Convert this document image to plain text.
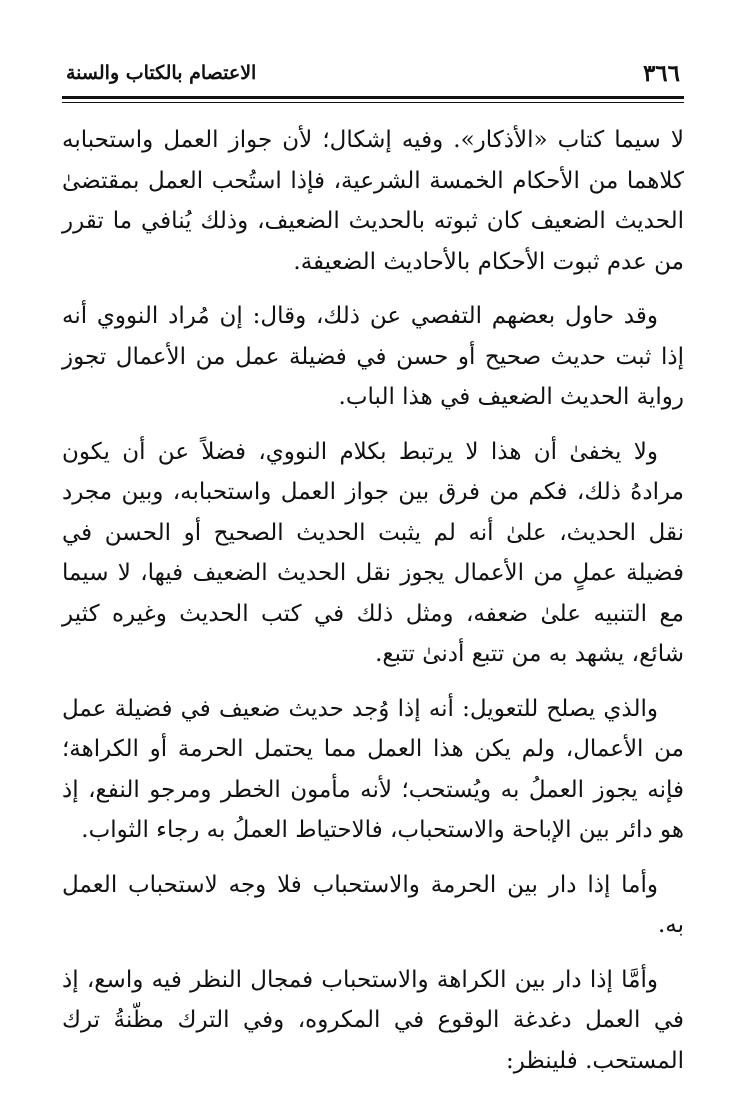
٣٦٦
الاعتصام بالكتاب والسنة

لا سيما كتاب «الأذكار». وفيه إشكال؛ لأن جواز العمل واستحبابه كلاهما من الأحكام الخمسة الشرعية، فإذا استُحب العمل بمقتضىٰ الحديث الضعيف كان ثبوته بالحديث الضعيف، وذلك يُنافي ما تقرر من عدم ثبوت الأحكام بالأحاديث الضعيفة.

وقد حاول بعضهم التفصي عن ذلك، وقال: إن مُراد النووي أنه إذا ثبت حديث صحيح أو حسن في فضيلة عمل من الأعمال تجوز رواية الحديث الضعيف في هذا الباب.

ولا يخفىٰ أن هذا لا يرتبط بكلام النووي، فضلاً عن أن يكون مرادهُ ذلك، فكم من فرق بين جواز العمل واستحبابه، وبين مجرد نقل الحديث، علىٰ أنه لم يثبت الحديث الصحيح أو الحسن في فضيلة عملٍ من الأعمال يجوز نقل الحديث الضعيف فيها، لا سيما مع التنبيه علىٰ ضعفه، ومثل ذلك في كتب الحديث وغيره كثير شائع، يشهد به من تتبع أدنىٰ تتبع.

والذي يصلح للتعويل: أنه إذا وُجد حديث ضعيف في فضيلة عمل من الأعمال، ولم يكن هذا العمل مما يحتمل الحرمة أو الكراهة؛ فإنه يجوز العملُ به ويُستحب؛ لأنه مأمون الخطر ومرجو النفع، إذ هو دائر بين الإباحة والاستحباب، فالاحتياط العملُ به رجاء الثواب.

وأما إذا دار بين الحرمة والاستحباب فلا وجه لاستحباب العمل به.

وأمَّا إذا دار بين الكراهة والاستحباب فمجال النظر فيه واسع، إذ في العمل دغدغة الوقوع في المكروه، وفي الترك مظّنةُ ترك المستحب. فلينظر:
